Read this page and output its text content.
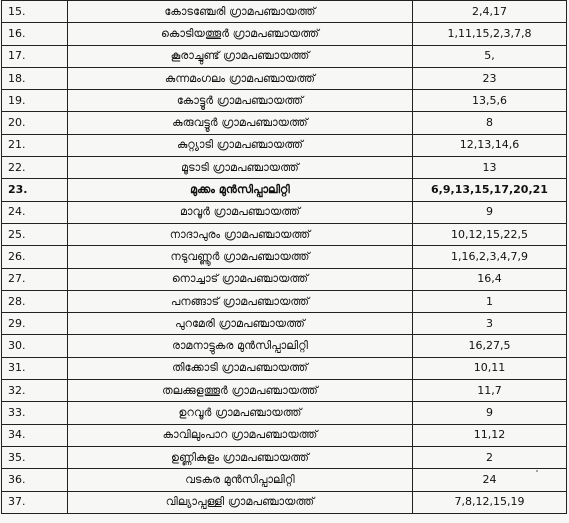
15.	കോടഞ്ചേരി ഗ്രാമപഞ്ചായത്ത്	2,4,17
16.	കൊടിയത്തൂർ ഗ്രാമപഞ്ചായത്ത്	1,11,15,2,3,7,8
17.	കൂരാച്ചുണ്ട് ഗ്രാമപഞ്ചായത്ത്	5,
18.	കുന്നമംഗലം ഗ്രാമപഞ്ചായത്ത്	23
19.	കോട്ടൂർ ഗ്രാമപഞ്ചായത്ത്	13,5,6
20.	കുരുവട്ടൂർ ഗ്രാമപഞ്ചായത്ത്	8
21.	കുറ്റ്യാടി ഗ്രാമപഞ്ചായത്ത്	12,13,14,6
22.	മൂടാടി ഗ്രാമപഞ്ചായത്ത്	13
23.	മുക്കം മുൻസിപ്പാലിറ്റി	6,9,13,15,17,20,21
24.	മാവൂർ ഗ്രാമപഞ്ചായത്ത്	9
25.	നാദാപുരം ഗ്രാമപഞ്ചായത്ത്	10,12,15,22,5
26.	നടുവണ്ണൂർ ഗ്രാമപഞ്ചായത്ത്	1,16,2,3,4,7,9
27.	നൊച്ചാട് ഗ്രാമപഞ്ചായത്ത്	16,4
28.	പനങ്ങാട് ഗ്രാമപഞ്ചായത്ത്	1
29.	പുറമേരി ഗ്രാമപഞ്ചായത്ത്	3
30.	രാമനാട്ടുകര മുൻസിപ്പാലിറ്റി	16,27,5
31.	തിക്കോടി ഗ്രാമപഞ്ചായത്ത്	10,11
32.	തലക്കുളത്തൂർ ഗ്രാമപഞ്ചായത്ത്	11,7
33.	ഉറവൂർ ഗ്രാമപഞ്ചായത്ത്	9
34.	കാവിലുംപാറ ഗ്രാമപഞ്ചായത്ത്	11,12
35.	ഉണ്ണികുളം ഗ്രാമപഞ്ചായത്ത്	2
36.	വടകര മുൻസിപ്പാലിറ്റി	24
37.	വില്യാപ്പള്ളി ഗ്രാമപഞ്ചായത്ത്	7,8,12,15,19
